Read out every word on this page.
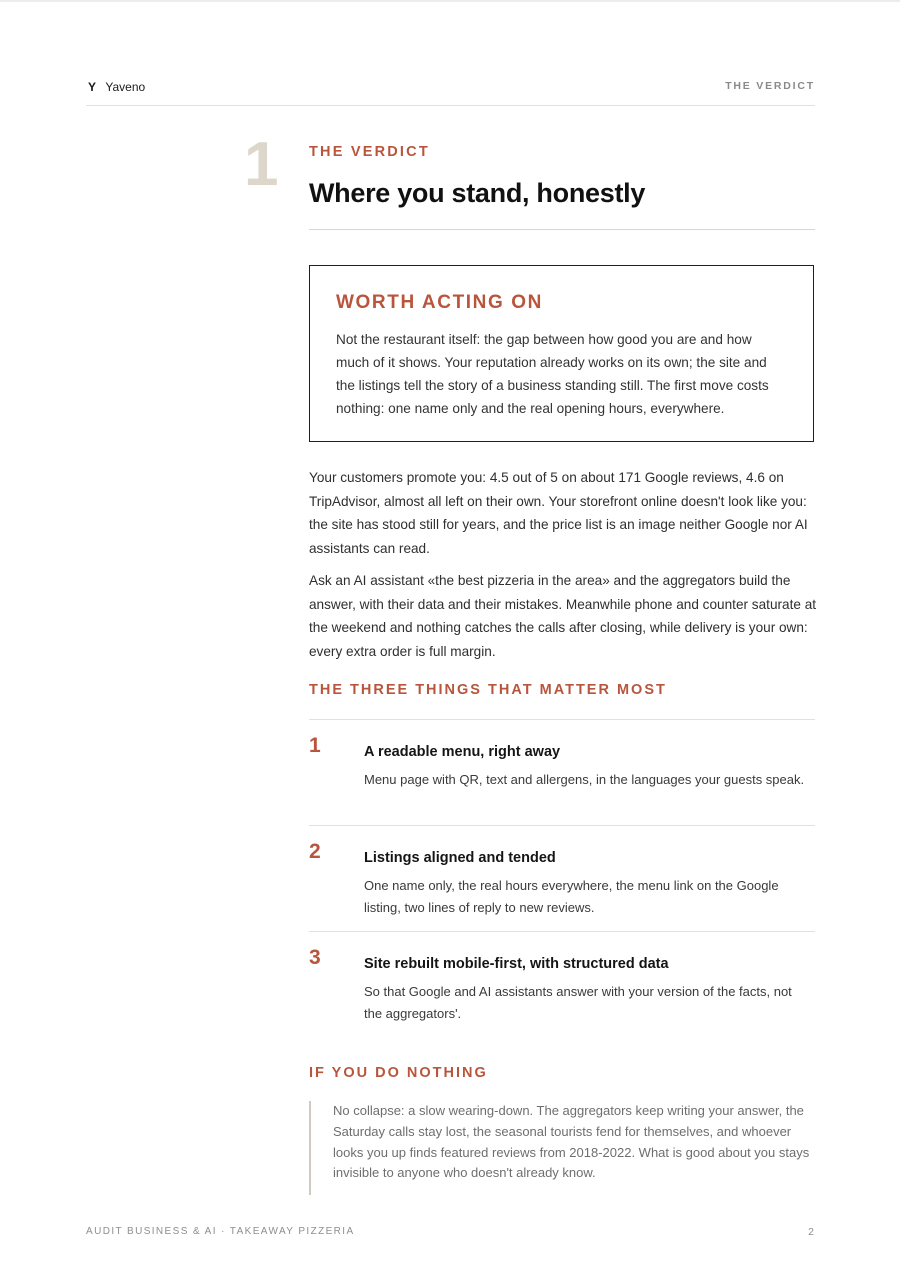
Y Yaveno	THE VERDICT
1 THE VERDICT
Where you stand, honestly
WORTH ACTING ON

Not the restaurant itself: the gap between how good you are and how much of it shows. Your reputation already works on its own; the site and the listings tell the story of a business standing still. The first move costs nothing: one name only and the real opening hours, everywhere.

Your customers promote you: 4.5 out of 5 on about 171 Google reviews, 4.6 on TripAdvisor, almost all left on their own. Your storefront online doesn't look like you: the site has stood still for years, and the price list is an image neither Google nor AI assistants can read.

Ask an AI assistant «the best pizzeria in the area» and the aggregators build the answer, with their data and their mistakes. Meanwhile phone and counter saturate at the weekend and nothing catches the calls after closing, while delivery is your own: every extra order is full margin.

THE THREE THINGS THAT MATTER MOST
1	A readable menu, right away
Menu page with QR, text and allergens, in the languages your guests speak.
2	Listings aligned and tended
One name only, the real hours everywhere, the menu link on the Google listing, two lines of reply to new reviews.
3	Site rebuilt mobile-first, with structured data
So that Google and AI assistants answer with your version of the facts, not the aggregators'.
IF YOU DO NOTHING
No collapse: a slow wearing-down. The aggregators keep writing your answer, the Saturday calls stay lost, the seasonal tourists fend for themselves, and whoever looks you up finds featured reviews from 2018-2022. What is good about you stays invisible to anyone who doesn't already know.
AUDIT BUSINESS & AI · TAKEAWAY PIZZERIA	2
